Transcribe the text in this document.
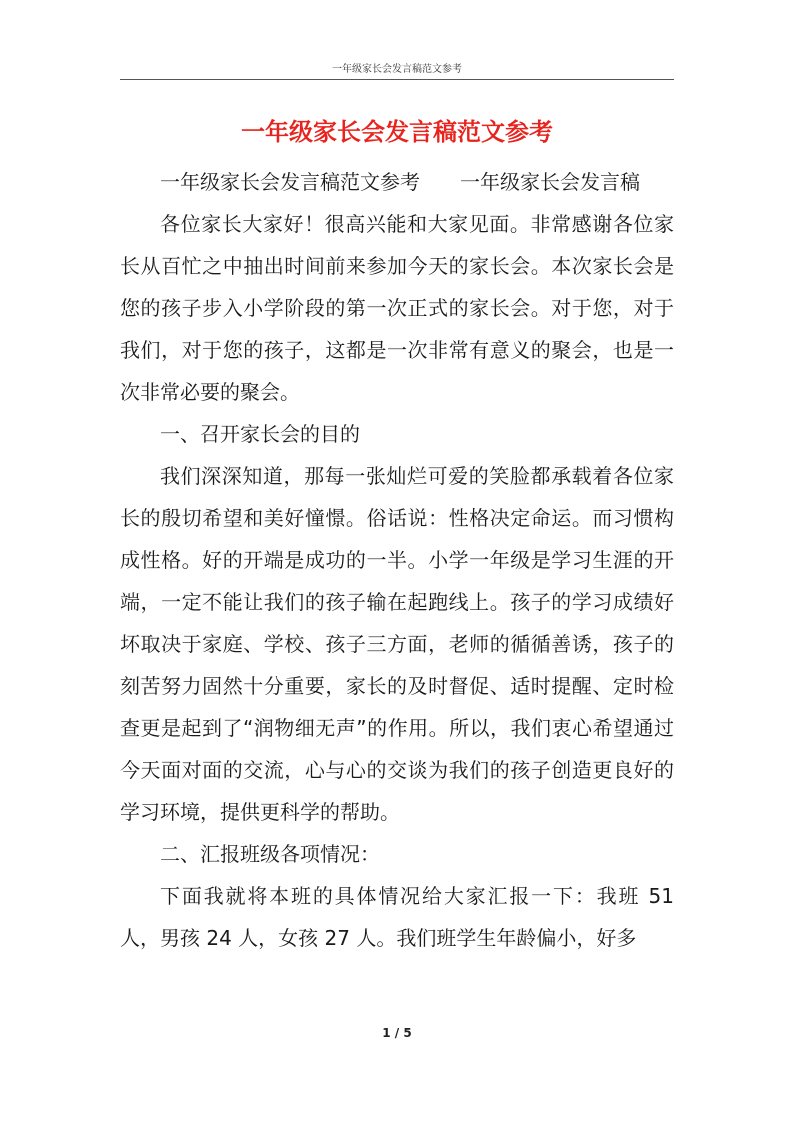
一年级家长会发言稿范文参考
一年级家长会发言稿范文参考

一年级家长会发言稿范文参考 一年级家长会发言稿

各位家长大家好！很高兴能和大家见面。非常感谢各位家长从百忙之中抽出时间前来参加今天的家长会。本次家长会是您的孩子步入小学阶段的第一次正式的家长会。对于您，对于我们，对于您的孩子，这都是一次非常有意义的聚会，也是一次非常必要的聚会。

一、召开家长会的目的

我们深深知道，那每一张灿烂可爱的笑脸都承载着各位家长的殷切希望和美好憧憬。俗话说：性格决定命运。而习惯构成性格。好的开端是成功的一半。小学一年级是学习生涯的开端，一定不能让我们的孩子输在起跑线上。孩子的学习成绩好坏取决于家庭、学校、孩子三方面，老师的循循善诱，孩子的刻苦努力固然十分重要，家长的及时督促、适时提醒、定时检查更是起到了“润物细无声”的作用。所以，我们衷心希望通过今天面对面的交流，心与心的交谈为我们的孩子创造更良好的学习环境，提供更科学的帮助。

二、汇报班级各项情况：

下面我就将本班的具体情况给大家汇报一下：我班 51 人，男孩 24 人，女孩 27 人。我们班学生年龄偏小，好多

1 / 5
